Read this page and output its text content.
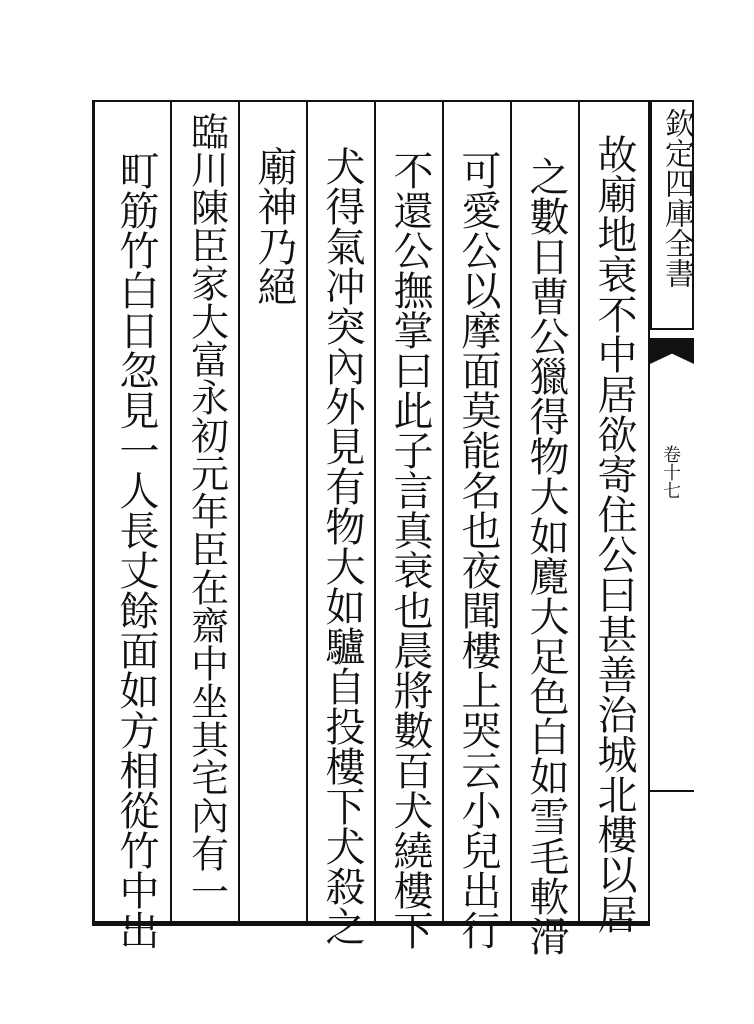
故廟地衰不中居欲寄住公曰甚善治城北樓以居
之數日曹公獵得物大如麑大足色白如雪毛軟滑
可愛公以摩面莫能名也夜聞樓上哭云小兒出行
不還公撫掌曰此子言真衰也晨將數百犬繞樓下
犬得氣冲突內外見有物大如驢自投樓下犬殺之
廟神乃絕
臨川陳臣家大富永初元年臣在齋中坐其宅內有一
町筋竹白日忽見一人長丈餘面如方相從竹中出	欽定四庫全書
卷十七
